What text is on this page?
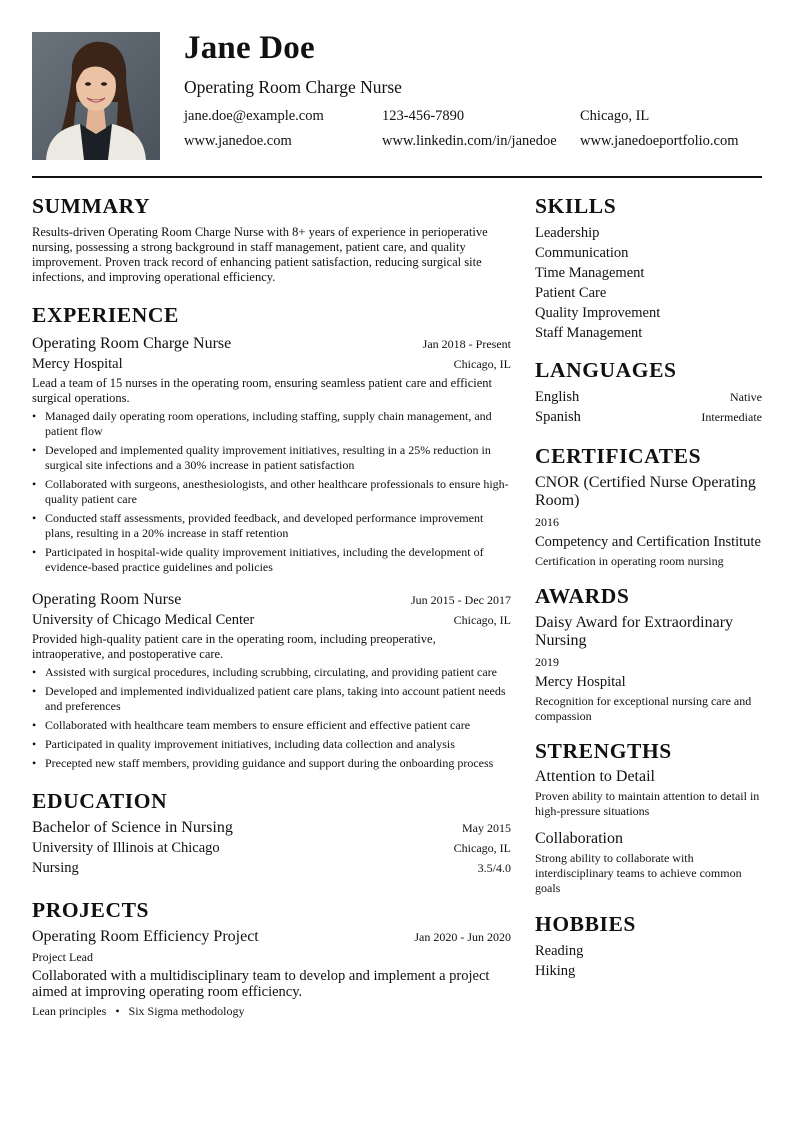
Jane Doe
Operating Room Charge Nurse
jane.doe@example.com	123-456-7890	Chicago, IL
www.janedoe.com	www.linkedin.com/in/janedoe	www.janedoeportfolio.com
SUMMARY
Results-driven Operating Room Charge Nurse with 8+ years of experience in perioperative nursing, possessing a strong background in staff management, patient care, and quality improvement. Proven track record of enhancing patient satisfaction, reducing surgical site infections, and improving operational efficiency.
EXPERIENCE
Operating Room Charge Nurse	Jan 2018 - Present
Mercy Hospital	Chicago, IL
Lead a team of 15 nurses in the operating room, ensuring seamless patient care and efficient surgical operations.
• Managed daily operating room operations, including staffing, supply chain management, and patient flow
• Developed and implemented quality improvement initiatives, resulting in a 25% reduction in surgical site infections and a 30% increase in patient satisfaction
• Collaborated with surgeons, anesthesiologists, and other healthcare professionals to ensure high-quality patient care
• Conducted staff assessments, provided feedback, and developed performance improvement plans, resulting in a 20% increase in staff retention
• Participated in hospital-wide quality improvement initiatives, including the development of evidence-based practice guidelines and policies
Operating Room Nurse	Jun 2015 - Dec 2017
University of Chicago Medical Center	Chicago, IL
Provided high-quality patient care in the operating room, including preoperative, intraoperative, and postoperative care.
• Assisted with surgical procedures, including scrubbing, circulating, and providing patient care
• Developed and implemented individualized patient care plans, taking into account patient needs and preferences
• Collaborated with healthcare team members to ensure efficient and effective patient care
• Participated in quality improvement initiatives, including data collection and analysis
• Precepted new staff members, providing guidance and support during the onboarding process
EDUCATION
Bachelor of Science in Nursing	May 2015
University of Illinois at Chicago	Chicago, IL
Nursing	3.5/4.0
PROJECTS
Operating Room Efficiency Project	Jan 2020 - Jun 2020
Project Lead
Collaborated with a multidisciplinary team to develop and implement a project aimed at improving operating room efficiency.
Lean principles • Six Sigma methodology
SKILLS
Leadership
Communication
Time Management
Patient Care
Quality Improvement
Staff Management
LANGUAGES
English	Native
Spanish	Intermediate
CERTIFICATES
CNOR (Certified Nurse Operating Room)
2016
Competency and Certification Institute
Certification in operating room nursing
AWARDS
Daisy Award for Extraordinary Nursing
2019
Mercy Hospital
Recognition for exceptional nursing care and compassion
STRENGTHS
Attention to Detail
Proven ability to maintain attention to detail in high-pressure situations
Collaboration
Strong ability to collaborate with interdisciplinary teams to achieve common goals
HOBBIES
Reading
Hiking
